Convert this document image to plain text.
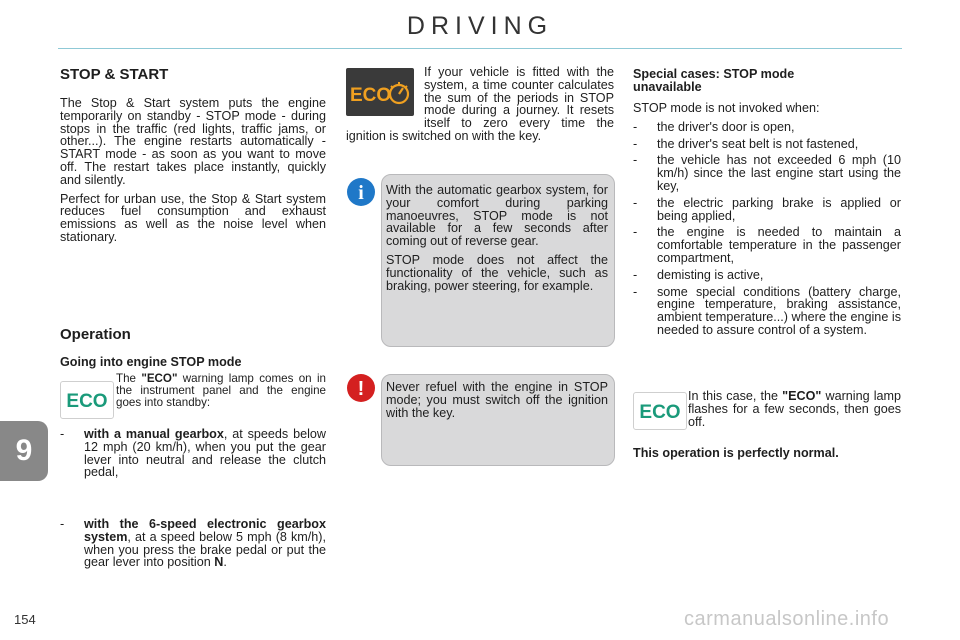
DRIVING
STOP & START

The Stop & Start system puts the engine temporarily on standby - STOP mode - during stops in the traffic (red lights, traffic jams, or other...). The engine restarts automatically - START mode - as soon as you want to move off. The restart takes place instantly, quickly and silently.

Perfect for urban use, the Stop & Start system reduces fuel consumption and exhaust emissions as well as the noise level when stationary.

Operation
Going into engine STOP mode
ECO
The "ECO" warning lamp comes on in the instrument panel and the engine goes into standby:
- with a manual gearbox, at speeds below 12 mph (20 km/h), when you put the gear lever into neutral and release the clutch pedal,
- with the 6-speed electronic gearbox system, at a speed below 5 mph (8 km/h), when you press the brake pedal or put the gear lever into position N.
ECO
If your vehicle is fitted with the system, a time counter calculates the sum of the periods in STOP mode during a journey. It resets itself to zero every time the ignition is switched on with the key.
i With the automatic gearbox system, for your comfort during parking manoeuvres, STOP mode is not available for a few seconds after coming out of reverse gear.

STOP mode does not affect the functionality of the vehicle, such as braking, power steering, for example.

! Never refuel with the engine in STOP mode; you must switch off the ignition with the key.
Special cases: STOP mode unavailable
STOP mode is not invoked when:
- the driver's door is open,
- the driver's seat belt is not fastened,
- the vehicle has not exceeded 6 mph (10 km/h) since the last engine start using the key,
- the electric parking brake is applied or being applied,
- the engine is needed to maintain a comfortable temperature in the passenger compartment,
- demisting is active,
- some special conditions (battery charge, engine temperature, braking assistance, ambient temperature...) where the engine is needed to assure control of a system.
ECO
In this case, the "ECO" warning lamp flashes for a few seconds, then goes off.
This operation is perfectly normal.
9
154	carmanualsonline.info
